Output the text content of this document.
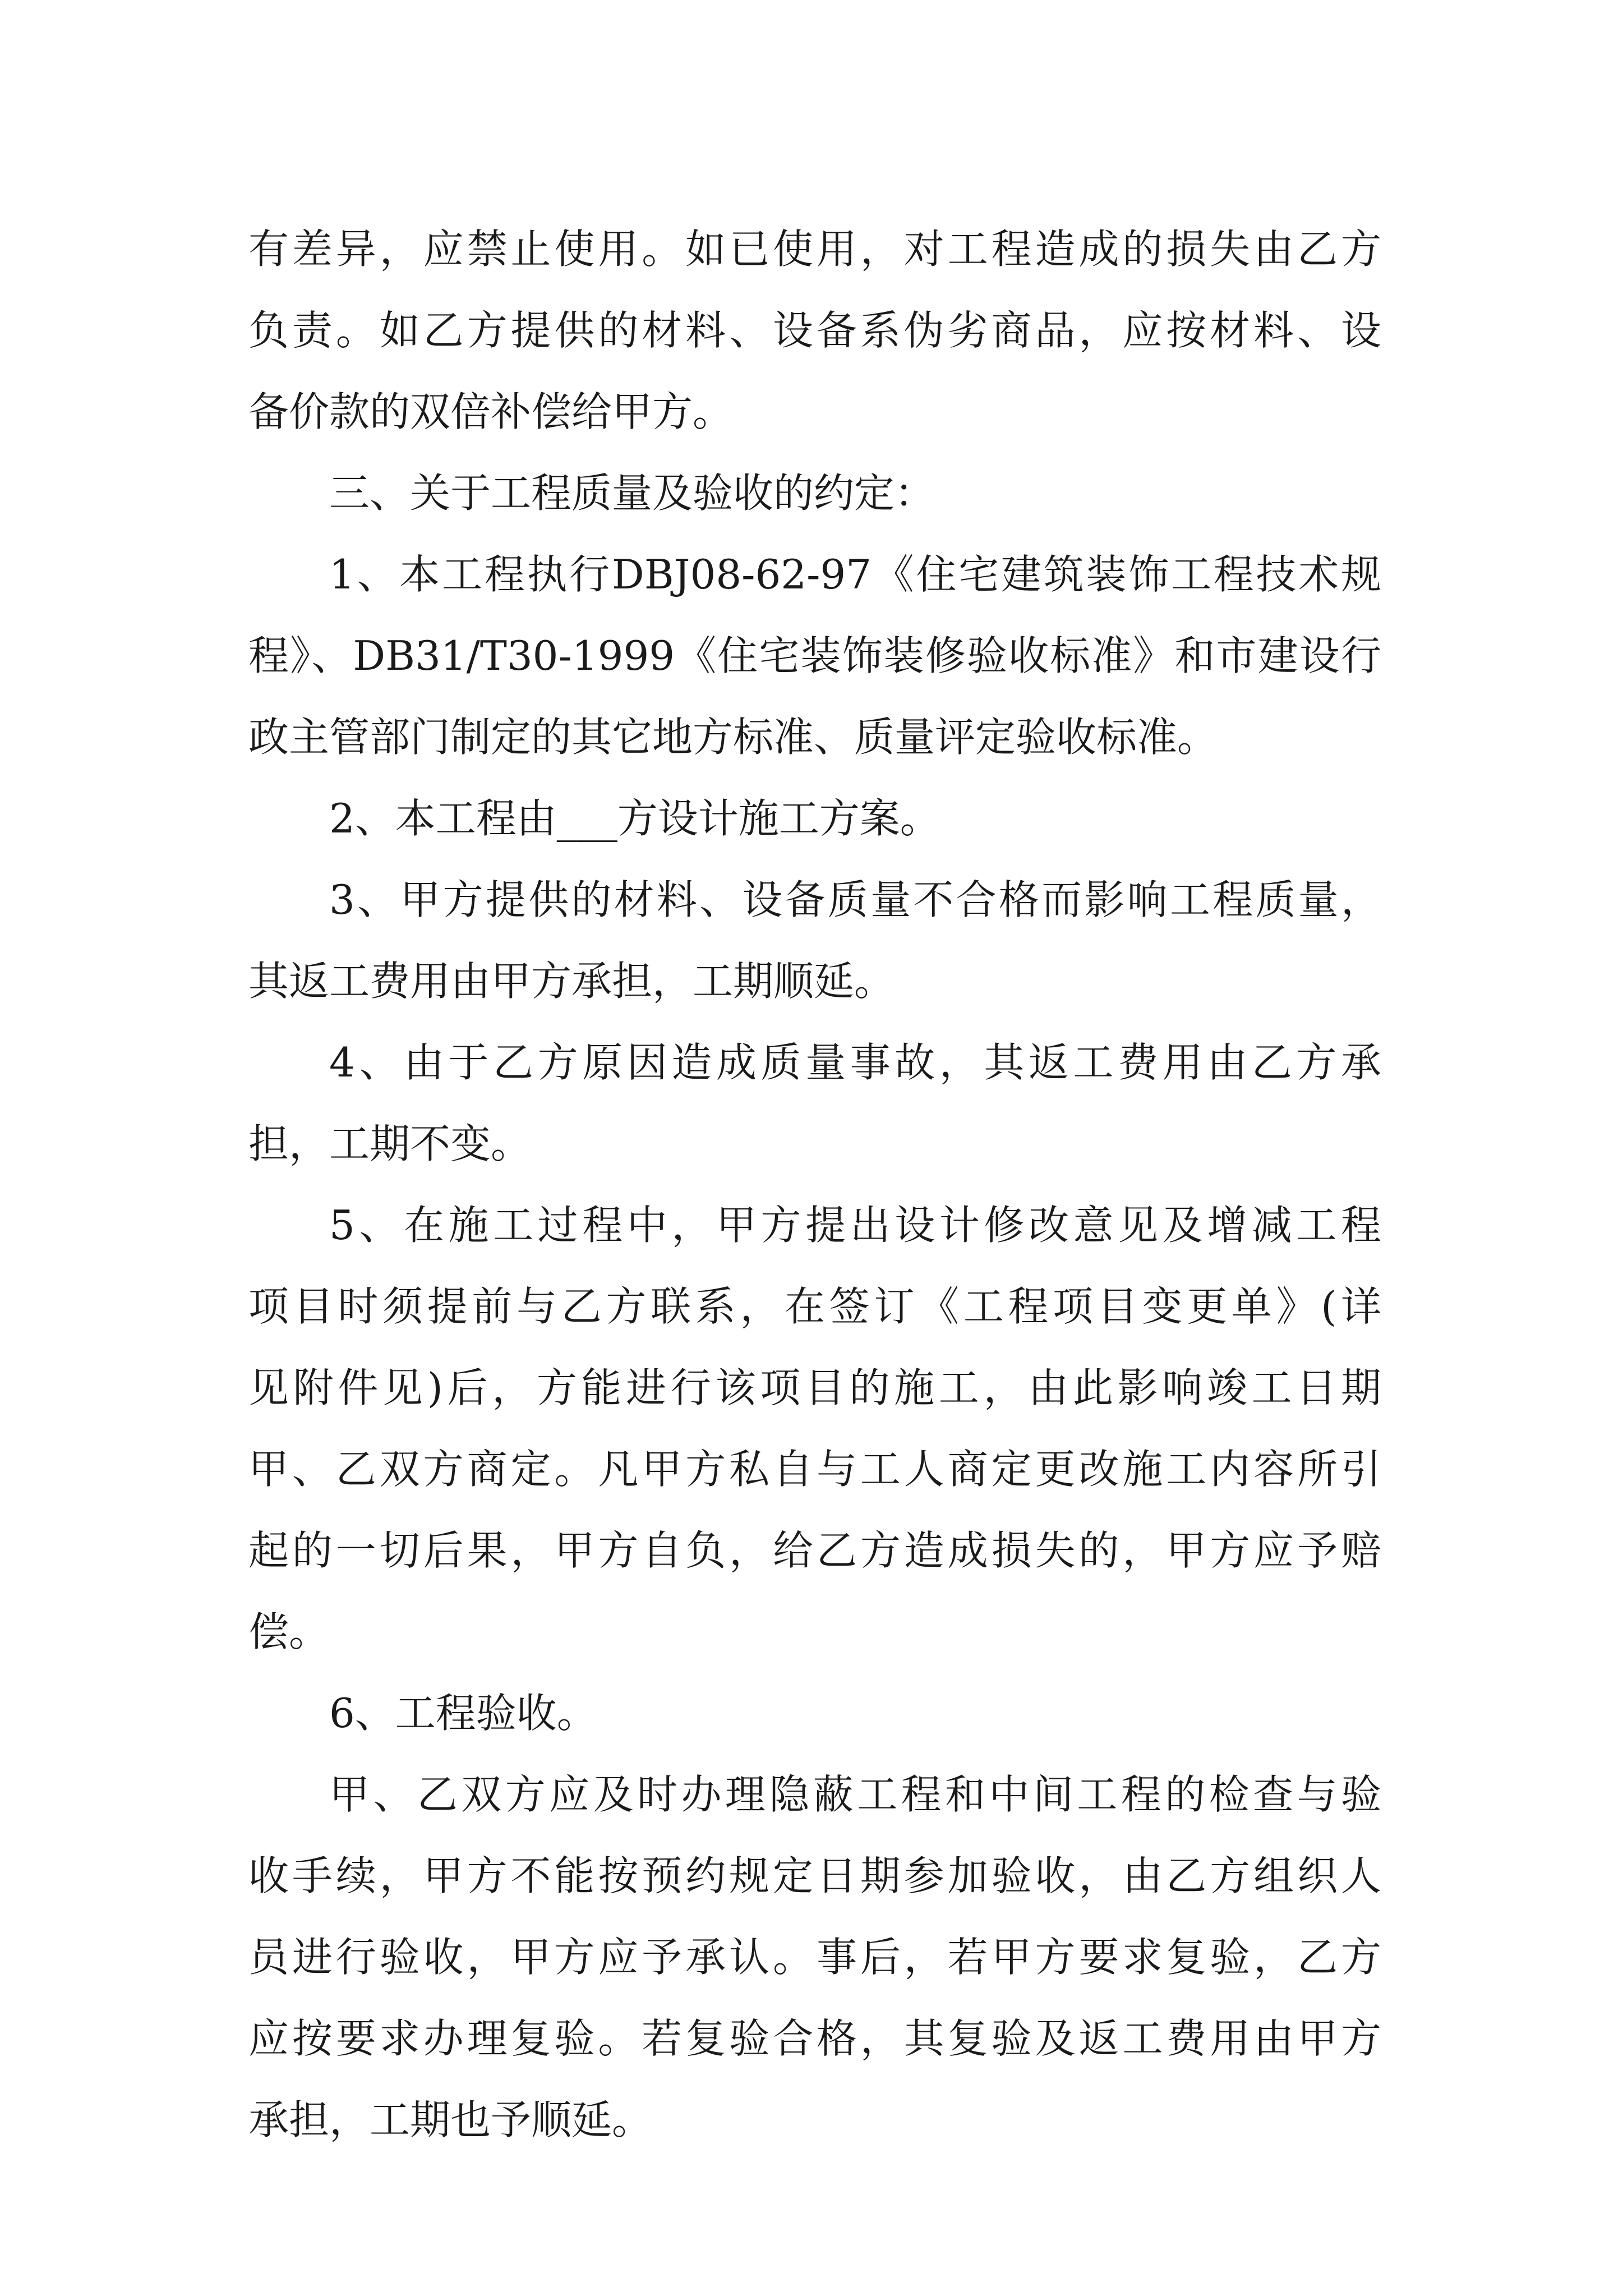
有差异，应禁止使用。如已使用，对工程造成的损失由乙方
负责。如乙方提供的材料、设备系伪劣商品，应按材料、设
备价款的双倍补偿给甲方。
三、关于工程质量及验收的约定：
1、本工程执行DBJ08-62-97《住宅建筑装饰工程技术规
程》、DB31/T30-1999《住宅装饰装修验收标准》和市建设行
政主管部门制定的其它地方标准、质量评定验收标准。
2、本工程由___方设计施工方案。
3、甲方提供的材料、设备质量不合格而影响工程质量，
其返工费用由甲方承担，工期顺延。
4、由于乙方原因造成质量事故，其返工费用由乙方承
担，工期不变。
5、在施工过程中，甲方提出设计修改意见及增减工程
项目时须提前与乙方联系，在签订《工程项目变更单》(详
见附件见)后，方能进行该项目的施工，由此影响竣工日期
甲、乙双方商定。凡甲方私自与工人商定更改施工内容所引
起的一切后果，甲方自负，给乙方造成损失的，甲方应予赔
偿。
6、工程验收。
甲、乙双方应及时办理隐蔽工程和中间工程的检查与验
收手续，甲方不能按预约规定日期参加验收，由乙方组织人
员进行验收，甲方应予承认。事后，若甲方要求复验，乙方
应按要求办理复验。若复验合格，其复验及返工费用由甲方
承担，工期也予顺延。
